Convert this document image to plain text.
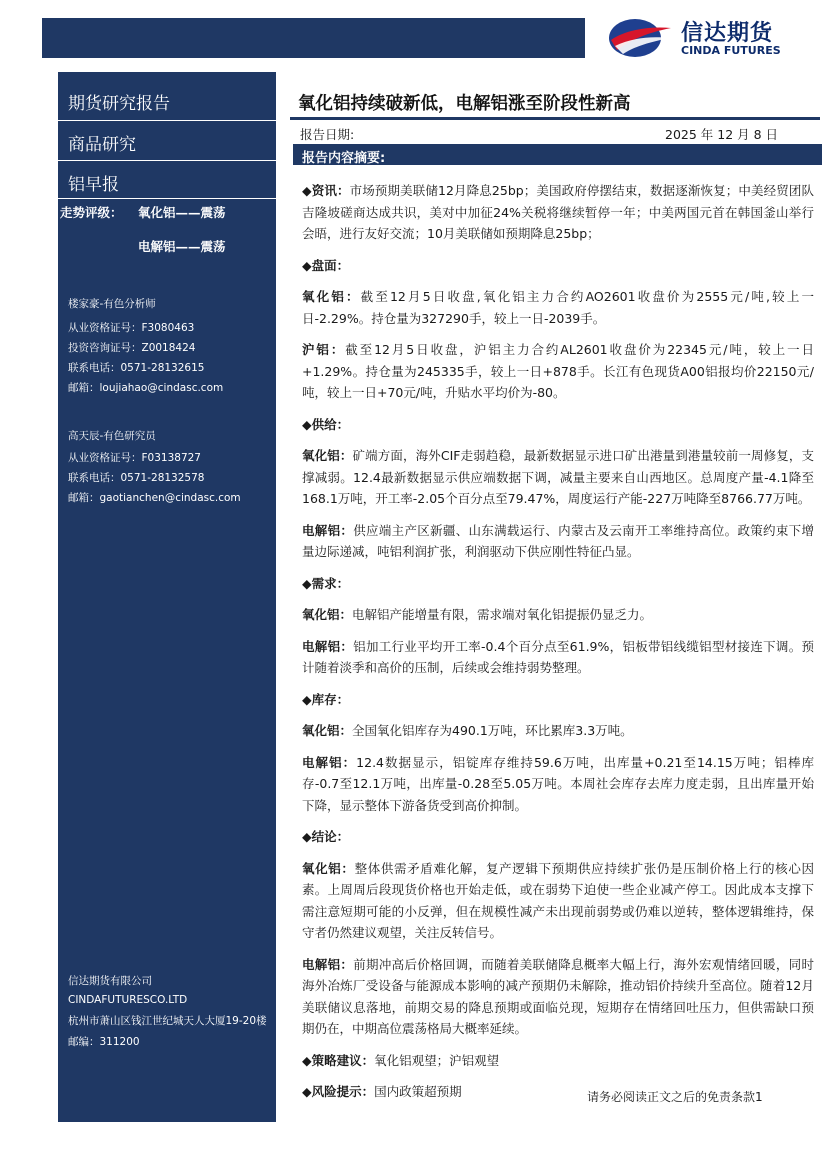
信达期货
CINDA FUTURES
期货研究报告
商品研究
铝早报
走势评级： 氧化铝——震荡
电解铝——震荡
楼家豪-有色分析师
从业资格证号：F3080463
投资咨询证号：Z0018424
联系电话：0571-28132615
邮箱：loujiahao@cindasc.com
高天辰-有色研究员
从业资格证号：F03138727
联系电话：0571-28132578
邮箱：gaotianchen@cindasc.com
信达期货有限公司
CINDAFUTURESCO.LTD
杭州市萧山区钱江世纪城天人大厦19-20楼
邮编：311200
氧化铝持续破新低，电解铝涨至阶段性新高
报告日期:	2025 年 12 月 8 日
报告内容摘要:

◆资讯：市场预期美联储12月降息25bp；美国政府停摆结束，数据逐渐恢复；中美经贸团队吉隆坡磋商达成共识，美对中加征24%关税将继续暂停一年；中美两国元首在韩国釜山举行会晤，进行友好交流；10月美联储如预期降息25bp；

◆盘面：

氧化铝：截至12月5日收盘,氧化铝主力合约AO2601收盘价为2555元/吨,较上一日-2.29%。持仓量为327290手，较上一日-2039手。

沪铝：截至12月5日收盘，沪铝主力合约AL2601收盘价为22345元/吨，较上一日+1.29%。持仓量为245335手，较上一日+878手。长江有色现货A00铝报均价22150元/吨，较上一日+70元/吨，升贴水平均价为-80。

◆供给：

氧化铝：矿端方面，海外CIF走弱趋稳，最新数据显示进口矿出港量到港量较前一周修复，支撑减弱。12.4最新数据显示供应端数据下调，减量主要来自山西地区。总周度产量-4.1降至168.1万吨，开工率-2.05个百分点至79.47%，周度运行产能-227万吨降至8766.77万吨。

电解铝：供应端主产区新疆、山东满载运行、内蒙古及云南开工率维持高位。政策约束下增量边际递减，吨铝利润扩张，利润驱动下供应刚性特征凸显。

◆需求：

氧化铝：电解铝产能增量有限，需求端对氧化铝提振仍显乏力。

电解铝：铝加工行业平均开工率-0.4个百分点至61.9%，铝板带铝线缆铝型材接连下调。预计随着淡季和高价的压制，后续或会维持弱势整理。

◆库存：

氧化铝：全国氧化铝库存为490.1万吨，环比累库3.3万吨。

电解铝：12.4数据显示，铝锭库存维持59.6万吨，出库量+0.21至14.15万吨；铝棒库存-0.7至12.1万吨，出库量-0.28至5.05万吨。本周社会库存去库力度走弱，且出库量开始下降，显示整体下游备货受到高价抑制。

◆结论：

氧化铝：整体供需矛盾难化解，复产逻辑下预期供应持续扩张仍是压制价格上行的核心因素。上周周后段现货价格也开始走低，或在弱势下迫使一些企业减产停工。因此成本支撑下需注意短期可能的小反弹，但在规模性减产未出现前弱势或仍难以逆转，整体逻辑维持，保守者仍然建议观望，关注反转信号。

电解铝：前期冲高后价格回调，而随着美联储降息概率大幅上行，海外宏观情绪回暖，同时海外冶炼厂受设备与能源成本影响的减产预期仍未解除，推动铝价持续升至高位。随着12月美联储议息落地，前期交易的降息预期或面临兑现，短期存在情绪回吐压力，但供需缺口预期仍在，中期高位震荡格局大概率延续。

◆策略建议：氧化铝观望；沪铝观望

◆风险提示：国内政策超预期	请务必阅读正文之后的免责条款1
